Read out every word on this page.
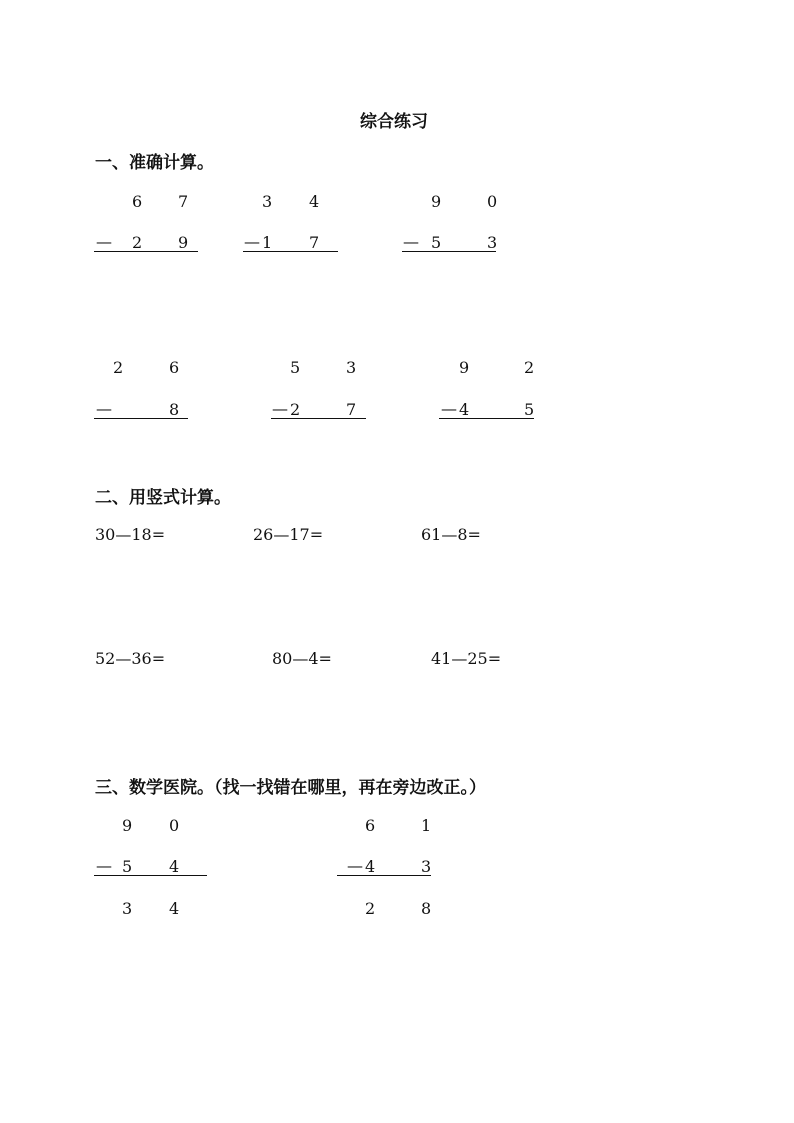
综合练习
一、准确计算。
6 7
— 2 9
3 4
— 1 7
9	0
— 5	3
2	6
—	8
5	3
— 2	7
9	2
— 4	5
二、用竖式计算。
30—18=	26—17=	61—8=
52—36=	80—4=	41—25=
三、数学医院。（找一找错在哪里，再在旁边改正。）
9 0
— 5 4
3 4
6	1
— 4	3
2	8
